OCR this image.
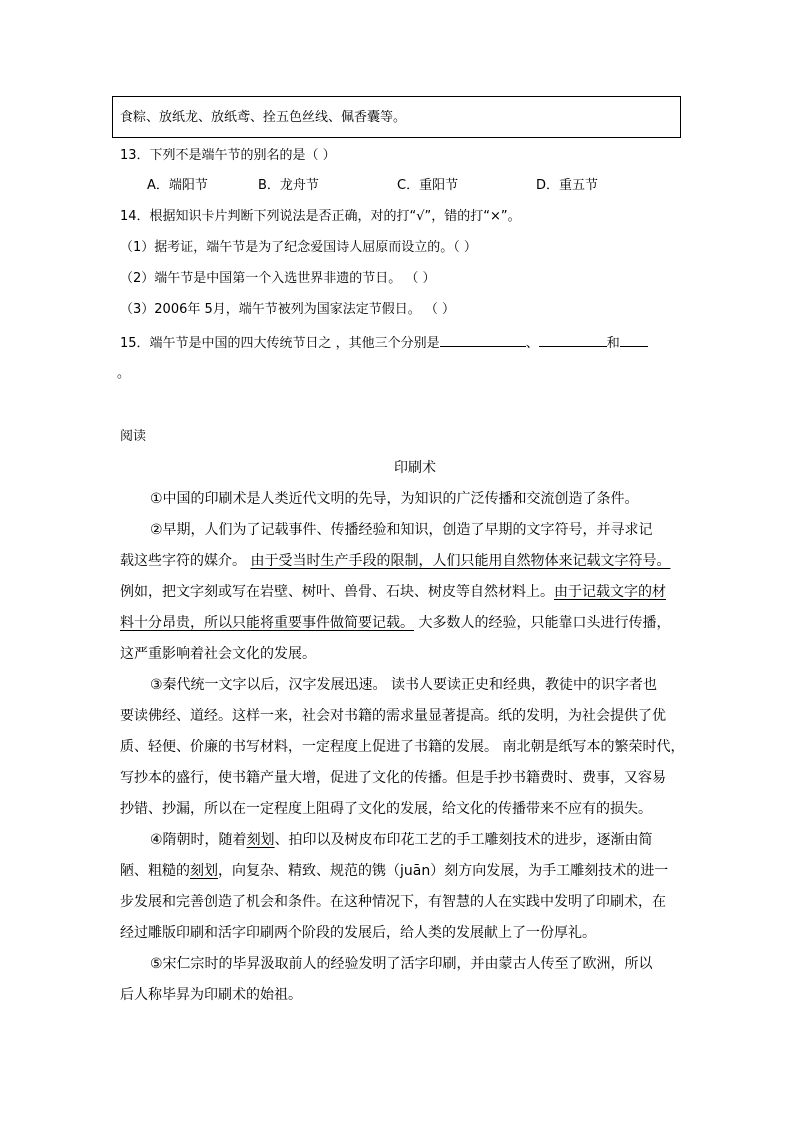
食粽、放纸龙、放纸鸢、拴五色丝线、佩香囊等。
13．下列不是端午节的别名的是（ ）
A．端阳节	B．龙舟节	C．重阳节	D．重五节
14．根据知识卡片判断下列说法是否正确，对的打“√”，错的打“×”。
（1）据考证，端午节是为了纪念爱国诗人屈原而设立的。（ ）
（2）端午节是中国第一个入选世界非遗的节日。 （ ）
（3）2006年 5月，端午节被列为国家法定节假日。 （ ）
15．端午节是中国的四大传统节日之 ，其他三个分别是	、	和
。
阅读
印刷术
①中国的印刷术是人类近代文明的先导，为知识的广泛传播和交流创造了条件。
②早期，人们为了记载事件、传播经验和知识，创造了早期的文字符号，并寻求记
载这些字符的媒介。 由于受当时生产手段的限制，人们只能用自然物体来记载文字符号。
例如，把文字刻或写在岩壁、树叶、兽骨、石块、树皮等自然材料上。由于记载文字的材
料十分昂贵，所以只能将重要事件做简要记载。 大多数人的经验，只能靠口头进行传播，
这严重影响着社会文化的发展。
③秦代统一文字以后，汉字发展迅速。 读书人要读正史和经典，教徒中的识字者也
要读佛经、道经。这样一来，社会对书籍的需求量显著提高。纸的发明，为社会提供了优
质、轻便、价廉的书写材料，一定程度上促进了书籍的发展。 南北朝是纸写本的繁荣时代，
写抄本的盛行，使书籍产量大增，促进了文化的传播。但是手抄书籍费时、费事，又容易
抄错、抄漏，所以在一定程度上阻碍了文化的发展，给文化的传播带来不应有的损失。
④隋朝时，随着刻划、拍印以及树皮布印花工艺的手工雕刻技术的进步，逐渐由简
陋、粗糙的刻划，向复杂、精致、规范的镌（juān）刻方向发展，为手工雕刻技术的进一
步发展和完善创造了机会和条件。在这种情况下，有智慧的人在实践中发明了印刷术，在
经过雕版印刷和活字印刷两个阶段的发展后，给人类的发展献上了一份厚礼。
⑤宋仁宗时的毕昇汲取前人的经验发明了活字印刷，并由蒙古人传至了欧洲，所以
后人称毕昇为印刷术的始祖。
